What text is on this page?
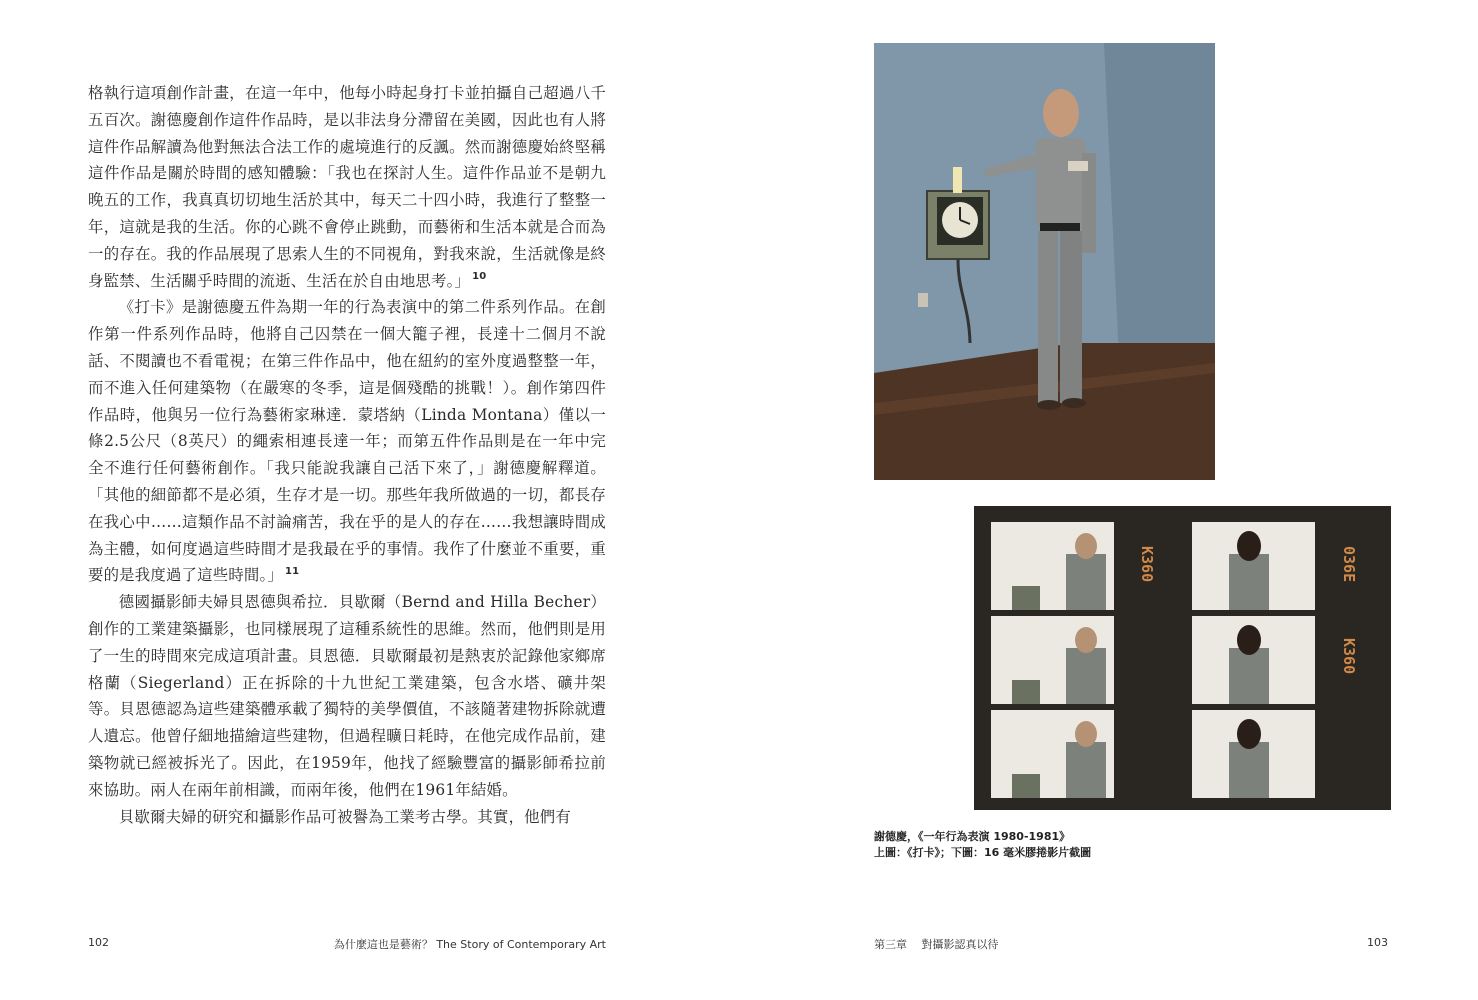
格執行這項創作計畫，在這一年中，他每小時起身打卡並拍攝自己超過八千五百次。謝德慶創作這件作品時，是以非法身分滯留在美國，因此也有人將這件作品解讀為他對無法合法工作的處境進行的反諷。然而謝德慶始終堅稱這件作品是關於時間的感知體驗：「我也在探討人生。這件作品並不是朝九晚五的工作，我真真切切地生活於其中，每天二十四小時，我進行了整整一年，這就是我的生活。你的心跳不會停止跳動，而藝術和生活本就是合而為一的存在。我的作品展現了思索人生的不同視角，對我來說，生活就像是終身監禁、生活關乎時間的流逝、生活在於自由地思考。」 $^{10}$

《打卡》是謝德慶五件為期一年的行為表演中的第二件系列作品。在創作第一件系列作品時，他將自己囚禁在一個大籠子裡，長達十二個月不說話、不閱讀也不看電視；在第三件作品中，他在紐約的室外度過整整一年，而不進入任何建築物（在嚴寒的冬季，這是個殘酷的挑戰！）。創作第四件作品時，他與另一位行為藝術家琳達．蒙塔納（Linda Montana）僅以一條2.5公尺（8英尺）的繩索相連長達一年；而第五件作品則是在一年中完全不進行任何藝術創作。「我只能說我讓自己活下來了，」謝德慶解釋道。「其他的細節都不是必須，生存才是一切。那些年我所做過的一切，都長存在我心中……這類作品不討論痛苦，我在乎的是人的存在……我想讓時間成為主體，如何度過這些時間才是我最在乎的事情。我作了什麼並不重要，重要的是我度過了這些時間。」 $^{11}$

德國攝影師夫婦貝恩德與希拉．貝歇爾（Bernd and Hilla Becher）創作的工業建築攝影，也同樣展現了這種系統性的思維。然而，他們則是用了一生的時間來完成這項計畫。貝恩德．貝歇爾最初是熱衷於記錄他家鄉席格蘭（Siegerland）正在拆除的十九世紀工業建築，包含水塔、礦井架等。貝恩德認為這些建築體承載了獨特的美學價值，不該隨著建物拆除就遭人遺忘。他曾仔細地描繪這些建物，但過程曠日耗時，在他完成作品前，建築物就已經被拆光了。因此，在1959年，他找了經驗豐富的攝影師希拉前來協助。兩人在兩年前相識，而兩年後，他們在1961年結婚。

貝歇爾夫婦的研究和攝影作品可被譽為工業考古學。其實，他們有

102	為什麼這也是藝術？ The Story of Contemporary Art
K360	036E
K360
謝德慶，《一年行為表演 1980-1981》
上圖：《打卡》；下圖：16 毫米膠捲影片截圖
第三章　 對攝影認真以待	103
